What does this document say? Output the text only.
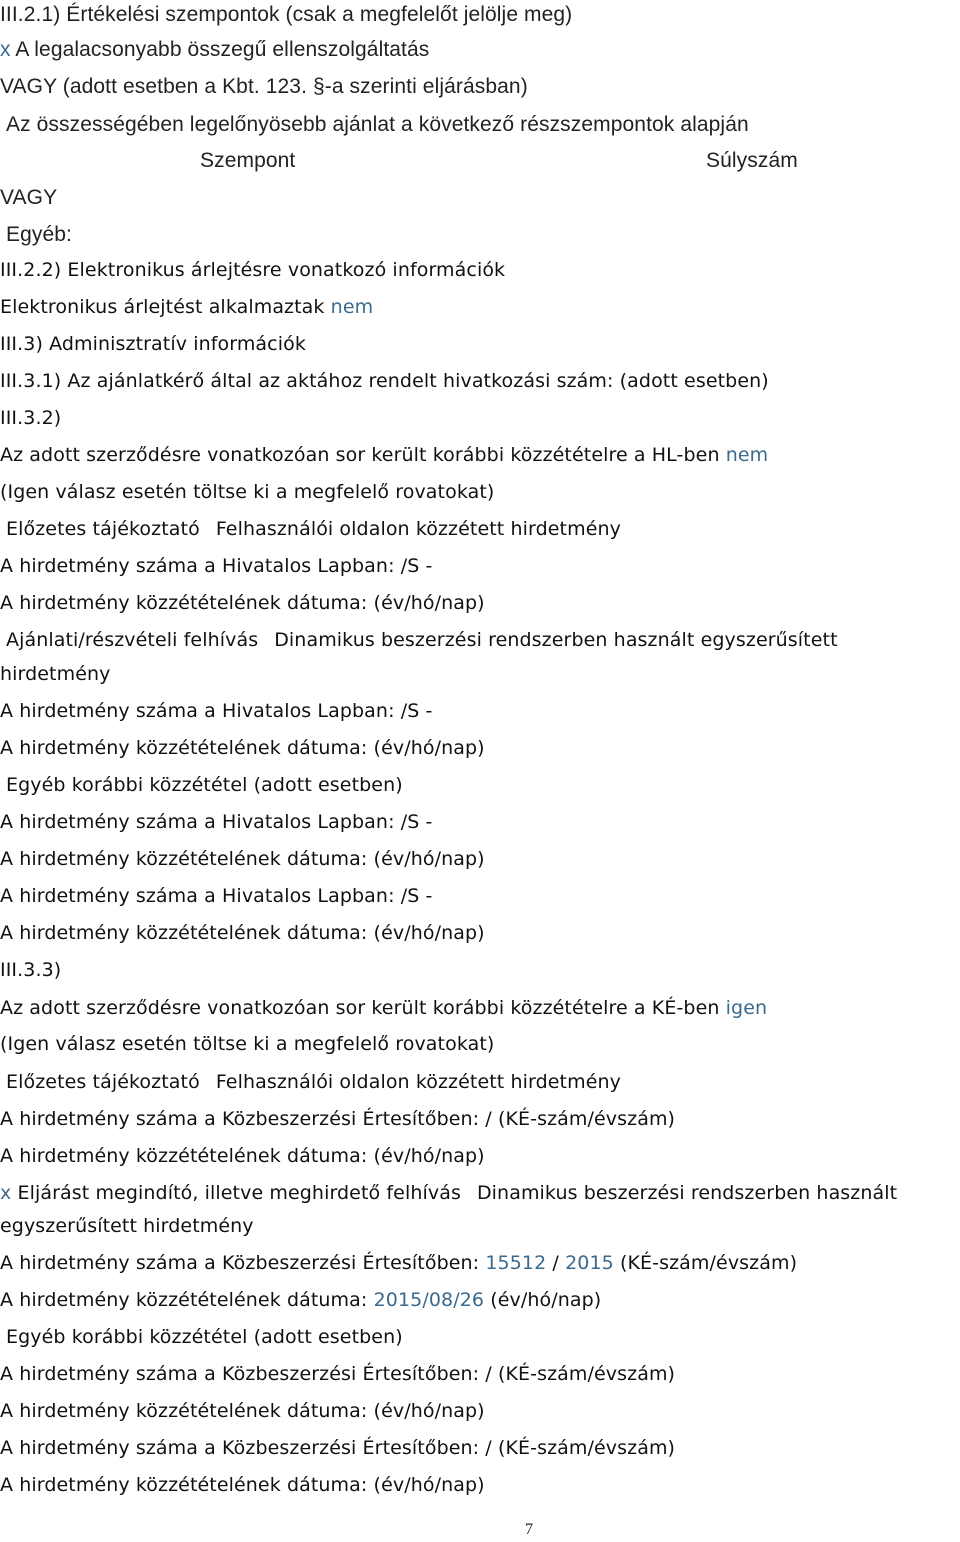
III.2.1) Értékelési szempontok (csak a megfelelőt jelölje meg)
x A legalacsonyabb összegű ellenszolgáltatás
VAGY (adott esetben a Kbt. 123. §-a szerinti eljárásban)
Az összességében legelőnyösebb ajánlat a következő részszempontok alapján
Szempont	Súlyszám
VAGY
Egyéb:
III.2.2) Elektronikus árlejtésre vonatkozó információk
Elektronikus árlejtést alkalmaztak nem
III.3) Adminisztratív információk
III.3.1) Az ajánlatkérő által az aktához rendelt hivatkozási szám: (adott esetben)
III.3.2)
Az adott szerződésre vonatkozóan sor került korábbi közzétételre a HL-ben nem
(Igen válasz esetén töltse ki a megfelelő rovatokat)
Előzetes tájékoztató Felhasználói oldalon közzétett hirdetmény
A hirdetmény száma a Hivatalos Lapban: /S -
A hirdetmény közzétételének dátuma: (év/hó/nap)
Ajánlati/részvételi felhívás Dinamikus beszerzési rendszerben használt egyszerűsített
hirdetmény
A hirdetmény száma a Hivatalos Lapban: /S -
A hirdetmény közzétételének dátuma: (év/hó/nap)
Egyéb korábbi közzététel (adott esetben)
A hirdetmény száma a Hivatalos Lapban: /S -
A hirdetmény közzétételének dátuma: (év/hó/nap)
A hirdetmény száma a Hivatalos Lapban: /S -
A hirdetmény közzétételének dátuma: (év/hó/nap)
III.3.3)
Az adott szerződésre vonatkozóan sor került korábbi közzétételre a KÉ-ben igen
(Igen válasz esetén töltse ki a megfelelő rovatokat)
Előzetes tájékoztató Felhasználói oldalon közzétett hirdetmény
A hirdetmény száma a Közbeszerzési Értesítőben: / (KÉ-szám/évszám)
A hirdetmény közzétételének dátuma: (év/hó/nap)
x Eljárást megindító, illetve meghirdető felhívás Dinamikus beszerzési rendszerben használt
egyszerűsített hirdetmény
A hirdetmény száma a Közbeszerzési Értesítőben: 15512 / 2015 (KÉ-szám/évszám)
A hirdetmény közzétételének dátuma: 2015/08/26 (év/hó/nap)
Egyéb korábbi közzététel (adott esetben)
A hirdetmény száma a Közbeszerzési Értesítőben: / (KÉ-szám/évszám)
A hirdetmény közzétételének dátuma: (év/hó/nap)
A hirdetmény száma a Közbeszerzési Értesítőben: / (KÉ-szám/évszám)
A hirdetmény közzétételének dátuma: (év/hó/nap)
7
